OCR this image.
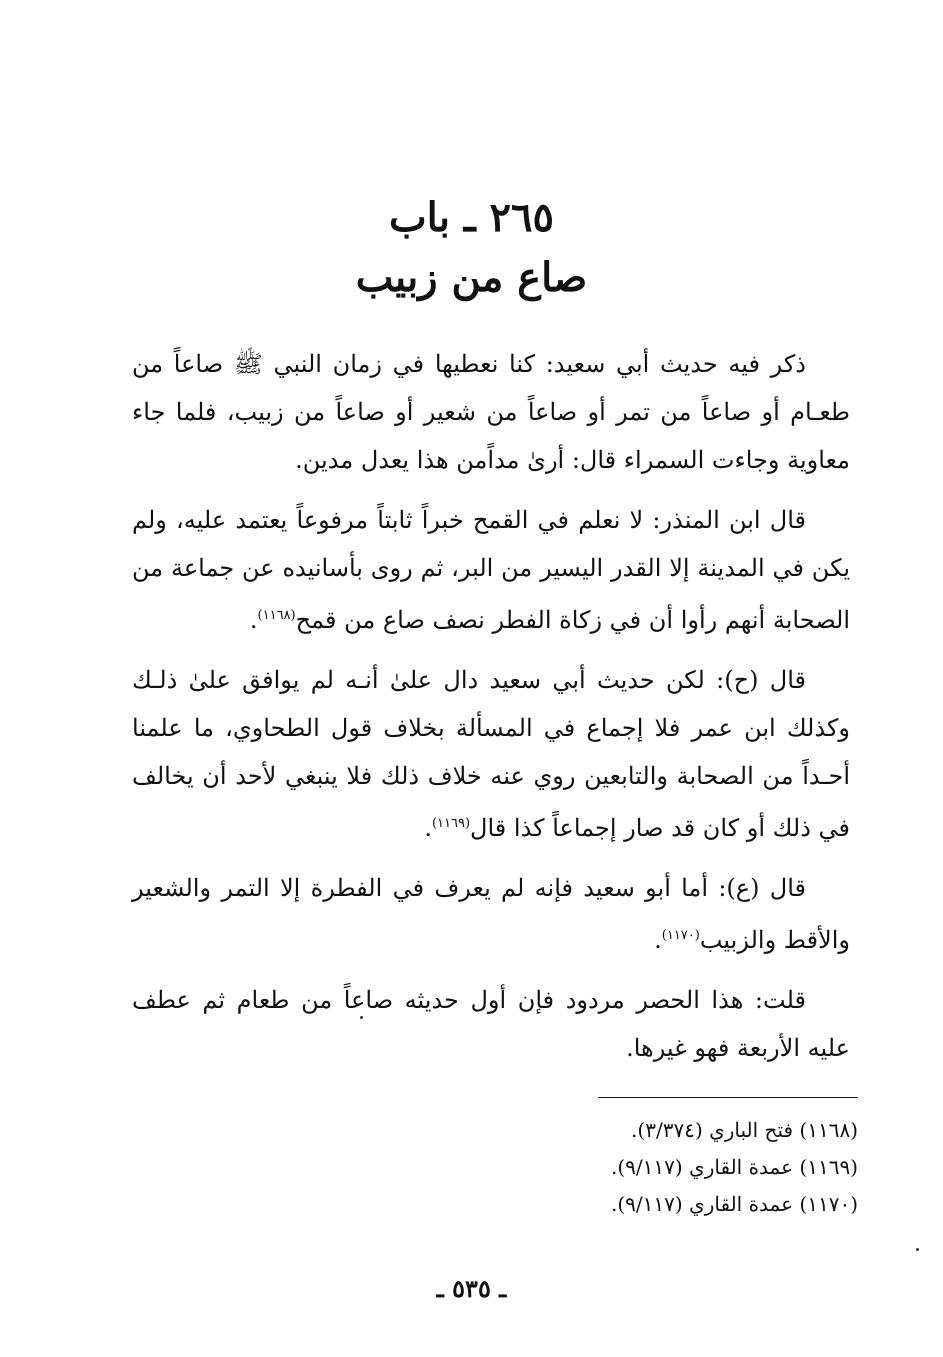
٢٦٥ ـ باب

صاع من زبيب

ذكر فيه حديث أبي سعيد: كنا نعطيها في زمان النبي ﷺ صاعاً من طعـام أو صاعاً من تمر أو صاعاً من شعير أو صاعاً من زبيب، فلما جاء معاوية وجاءت السمراء قال: أرىٰ مداًمن هذا يعدل مدين.

قال ابن المنذر: لا نعلم في القمح خبراً ثابتاً مرفوعاً يعتمد عليه، ولم يكن في المدينة إلا القدر اليسير من البر، ثم روى بأسانيده عن جماعة من الصحابة أنهم رأوا أن في زكاة الفطر نصف صاع من قمح$^{(١١٦٨)}$.

قال (ح): لكن حديث أبي سعيد دال علىٰ أنـه لم يوافق علىٰ ذلـك وكذلك ابن عمر فلا إجماع في المسألة بخلاف قول الطحاوي، ما علمنا أحـداً من الصحابة والتابعين روي عنه خلاف ذلك فلا ينبغي لأحد أن يخالف في ذلك أو كان قد صار إجماعاً كذا قال$^{(١١٦٩)}$.

قال (ع): أما أبو سعيد فإنه لم يعرف في الفطرة إلا التمر والشعير والأقط والزبيب$^{(١١٧٠)}$.

قلت: هذا الحصر مردود فإن أول حديثه صاعاً من طعام ثم عطف عليه الأربعة فهو غيرها.

(١١٦٨) فتح الباري (٣/٣٧٤).

(١١٦٩) عمدة القاري (٩/١١٧).

(١١٧٠) عمدة القاري (٩/١١٧).

ـ ٥٣٥ ـ
